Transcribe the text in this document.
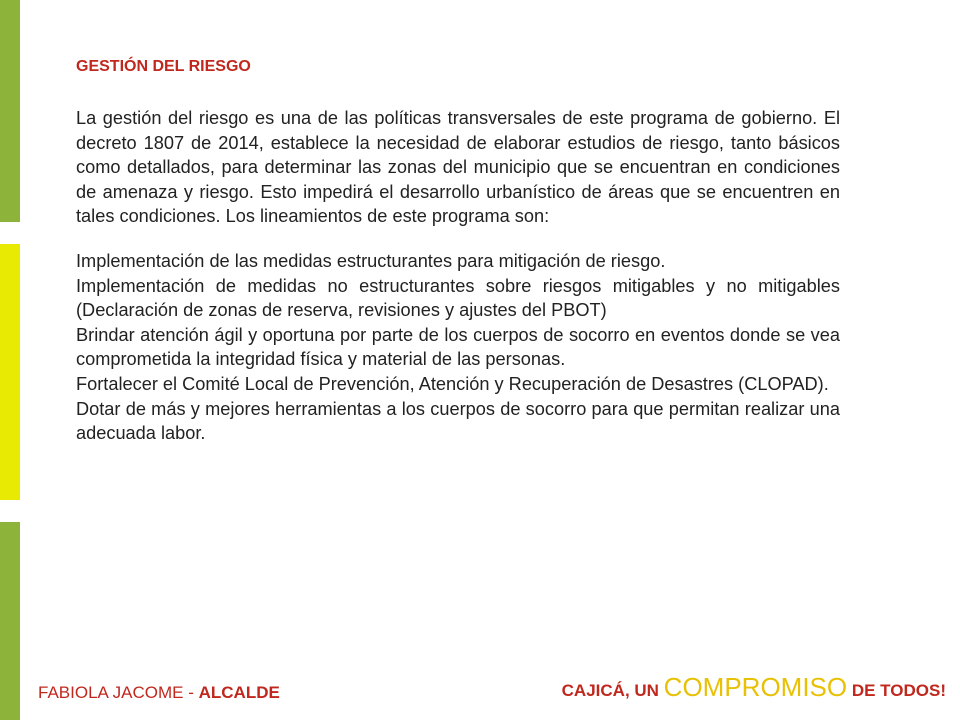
GESTIÓN DEL RIESGO

La gestión del riesgo es una de las políticas transversales de este programa de gobierno. El decreto 1807 de 2014, establece la necesidad de elaborar estudios de riesgo, tanto básicos como detallados, para determinar las zonas del municipio que se encuentran en condiciones de amenaza y riesgo. Esto impedirá el desarrollo urbanístico de áreas que se encuentren en tales condiciones. Los lineamientos de este programa son:

Implementación de las medidas estructurantes para mitigación de riesgo.

Implementación de medidas no estructurantes sobre riesgos mitigables y no mitigables (Declaración de zonas de reserva, revisiones y ajustes del PBOT)

Brindar atención ágil y oportuna por parte de los cuerpos de socorro en eventos donde se vea comprometida la integridad física y material de las personas.

Fortalecer el Comité Local de Prevención, Atención y Recuperación de Desastres (CLOPAD).

Dotar de más y mejores herramientas a los cuerpos de socorro para que permitan realizar una adecuada labor.

FABIOLA JACOME - ALCALDE	CAJICÁ, UN COMPROMISO DE TODOS!
